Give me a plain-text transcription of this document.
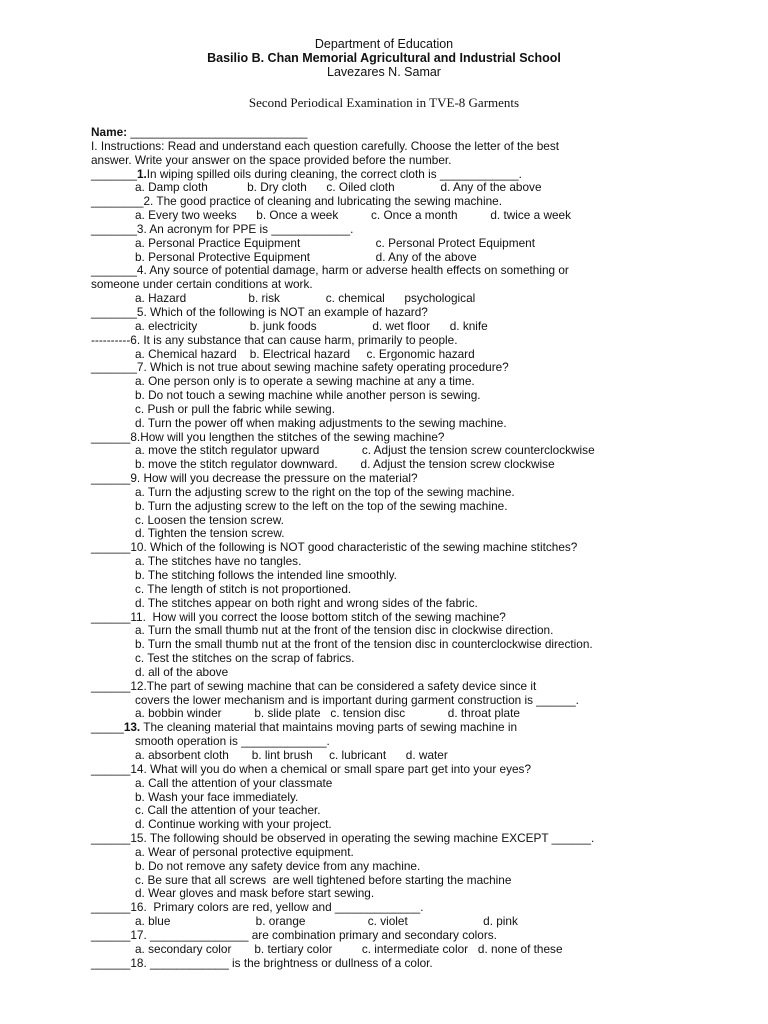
Department of Education
Basilio B. Chan Memorial Agricultural and Industrial School
Lavezares N. Samar
Second Periodical Examination in TVE-8 Garments
Name: ___________________________
I. Instructions: Read and understand each question carefully. Choose the letter of the best
answer. Write your answer on the space provided before the number.
_______1.In wiping spilled oils during cleaning, the correct cloth is ____________.
a. Damp cloth            b. Dry cloth      c. Oiled cloth              d. Any of the above
________2. The good practice of cleaning and lubricating the sewing machine.
a. Every two weeks      b. Once a week          c. Once a month          d. twice a week
_______3. An acronym for PPE is ____________.
a. Personal Practice Equipment                       c. Personal Protect Equipment
b. Personal Protective Equipment                    d. Any of the above
_______4. Any source of potential damage, harm or adverse health effects on something or
someone under certain conditions at work.
a. Hazard                   b. risk              c. chemical      psychological
_______5. Which of the following is NOT an example of hazard?
a. electricity                b. junk foods                 d. wet floor      d. knife
----------6. It is any substance that can cause harm, primarily to people.
a. Chemical hazard    b. Electrical hazard     c. Ergonomic hazard
_______7. Which is not true about sewing machine safety operating procedure?
a. One person only is to operate a sewing machine at any a time.
b. Do not touch a sewing machine while another person is sewing.
c. Push or pull the fabric while sewing.
d. Turn the power off when making adjustments to the sewing machine.
______8.How will you lengthen the stitches of the sewing machine?
a. move the stitch regulator upward             c. Adjust the tension screw counterclockwise
b. move the stitch regulator downward.       d. Adjust the tension screw clockwise
______9. How will you decrease the pressure on the material?
a. Turn the adjusting screw to the right on the top of the sewing machine.
b. Turn the adjusting screw to the left on the top of the sewing machine.
c. Loosen the tension screw.
d. Tighten the tension screw.
______10. Which of the following is NOT good characteristic of the sewing machine stitches?
a. The stitches have no tangles.
b. The stitching follows the intended line smoothly.
c. The length of stitch is not proportioned.
d. The stitches appear on both right and wrong sides of the fabric.
______11.  How will you correct the loose bottom stitch of the sewing machine?
a. Turn the small thumb nut at the front of the tension disc in clockwise direction.
b. Turn the small thumb nut at the front of the tension disc in counterclockwise direction.
c. Test the stitches on the scrap of fabrics.
d. all of the above
______12.The part of sewing machine that can be considered a safety device since it
covers the lower mechanism and is important during garment construction is ______.
a. bobbin winder          b. slide plate   c. tension disc             d. throat plate
_____13. The cleaning material that maintains moving parts of sewing machine in
smooth operation is _____________.
a. absorbent cloth       b. lint brush     c. lubricant      d. water
______14. What will you do when a chemical or small spare part get into your eyes?
a. Call the attention of your classmate
b. Wash your face immediately.
c. Call the attention of your teacher.
d. Continue working with your project.
______15. The following should be observed in operating the sewing machine EXCEPT ______.
a. Wear of personal protective equipment.
b. Do not remove any safety device from any machine.
c. Be sure that all screws  are well tightened before starting the machine
d. Wear gloves and mask before start sewing.
______16.  Primary colors are red, yellow and _____________.
a. blue                          b. orange                   c. violet                       d. pink
______17. _______________ are combination primary and secondary colors.
a. secondary color       b. tertiary color         c. intermediate color   d. none of these
______18. ____________ is the brightness or dullness of a color.
